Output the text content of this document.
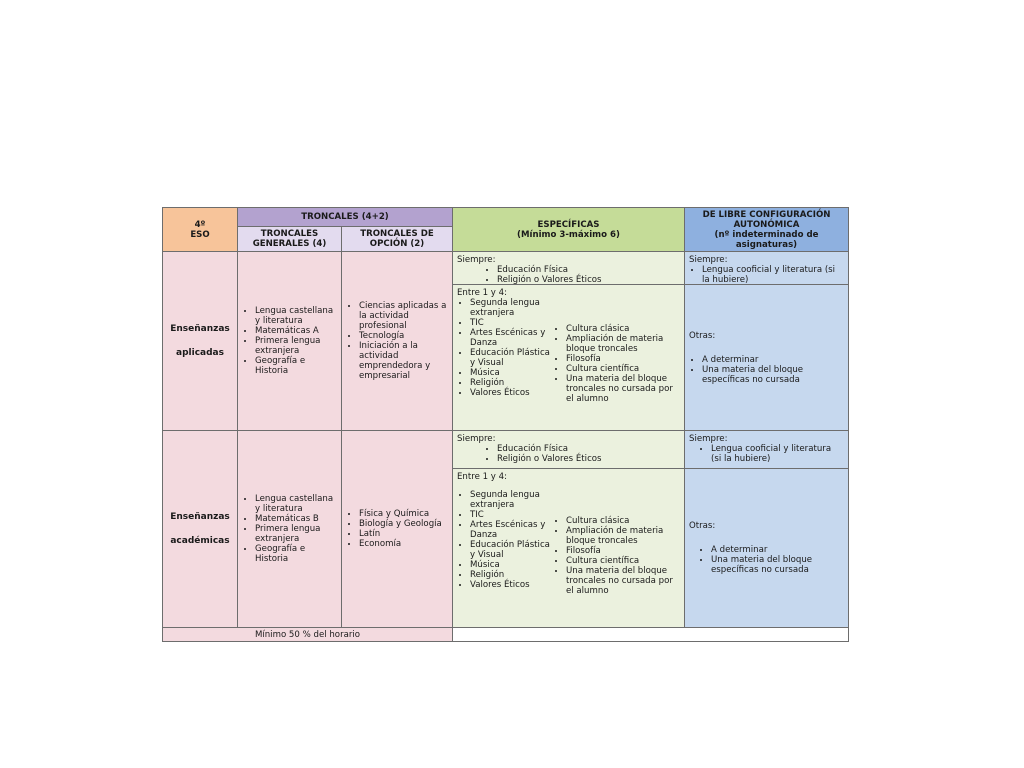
4º
ESO
TRONCALES (4+2)
TRONCALES
GENERALES (4)
TRONCALES DE
OPCIÓN (2)
ESPECÍFICAS
(Mínimo 3-máximo 6)
DE LIBRE CONFIGURACIÓN
AUTONÓMICA
(nº indeterminado de
asignaturas)
Enseñanzas
aplicadas
• Lengua castellana y literatura
• Matemáticas A
• Primera lengua extranjera
• Geografía e Historia
• Ciencias aplicadas a la actividad profesional
• Tecnología
• Iniciación a la actividad emprendedora y empresarial
Siempre:
• Educación Física
• Religión o Valores Éticos
Entre 1 y 4:
• Segunda lengua extranjera
• TIC
• Artes Escénicas y Danza
• Educación Plástica y Visual
• Música
• Religión
• Valores Éticos
• Cultura clásica
• Ampliación de materia bloque troncales
• Filosofía
• Cultura científica
• Una materia del bloque troncales no cursada por el alumno
Siempre:
• Lengua cooficial y literatura (si la hubiere)
Otras:
• A determinar
• Una materia del bloque específicas no cursada
Enseñanzas
académicas
• Lengua castellana y literatura
• Matemáticas B
• Primera lengua extranjera
• Geografía e Historia
• Física y Química
• Biología y Geología
• Latín
• Economía
Siempre:
• Educación Física
• Religión o Valores Éticos
Entre 1 y 4:
• Segunda lengua extranjera
• TIC
• Artes Escénicas y Danza
• Educación Plástica y Visual
• Música
• Religión
• Valores Éticos
• Cultura clásica
• Ampliación de materia bloque troncales
• Filosofía
• Cultura científica
• Una materia del bloque troncales no cursada por el alumno
Siempre:
• Lengua cooficial y literatura (si la hubiere)
Otras:
• A determinar
• Una materia del bloque específicas no cursada
Mínimo 50 % del horario
